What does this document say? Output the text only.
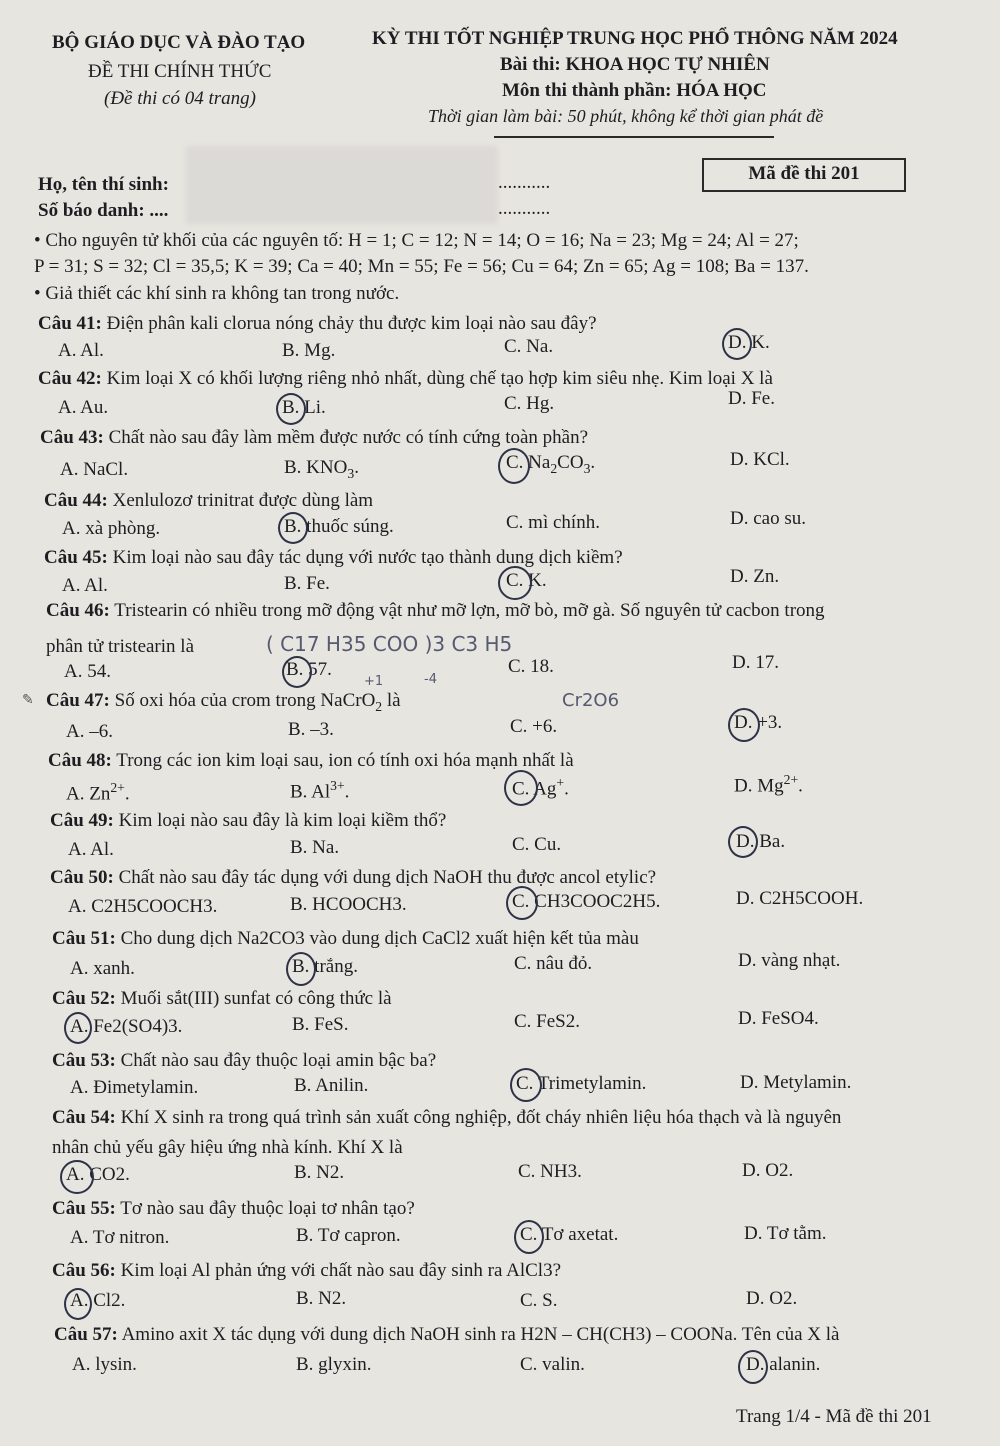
BỘ GIÁO DỤC VÀ ĐÀO TẠO
ĐỀ THI CHÍNH THỨC
(Đề thi có 04 trang)
KỲ THI TỐT NGHIỆP TRUNG HỌC PHỔ THÔNG NĂM 2024
Bài thi: KHOA HỌC TỰ NHIÊN
Môn thi thành phần: HÓA HỌC
Thời gian làm bài: 50 phút, không kể thời gian phát đề
Họ, tên thí sinh:
Số báo danh: ....
...........
...........
Mã đề thi 201
• Cho nguyên tử khối của các nguyên tố: H = 1; C = 12; N = 14; O = 16; Na = 23; Mg = 24; Al = 27;
P = 31; S = 32; Cl = 35,5; K = 39; Ca = 40; Mn = 55; Fe = 56; Cu = 64; Zn = 65; Ag = 108; Ba = 137.
• Giả thiết các khí sinh ra không tan trong nước.
Câu 41: Điện phân kali clorua nóng chảy thu được kim loại nào sau đây?
A. Al.	B. Mg.	C. Na.	D. K.
Câu 42: Kim loại X có khối lượng riêng nhỏ nhất, dùng chế tạo hợp kim siêu nhẹ. Kim loại X là
A. Au.	B. Li.	C. Hg.	D. Fe.
Câu 43: Chất nào sau đây làm mềm được nước có tính cứng toàn phần?
A. NaCl.	B. $KNO_3$.	C. $Na_2CO_3$.	D. KCl.
Câu 44: Xenlulozơ trinitrat được dùng làm
A. xà phòng.	B. thuốc súng.	C. mì chính.	D. cao su.
Câu 45: Kim loại nào sau đây tác dụng với nước tạo thành dung dịch kiềm?
A. Al.	B. Fe.	C. K.	D. Zn.
Câu 46: Tristearin có nhiều trong mỡ động vật như mỡ lợn, mỡ bò, mỡ gà. Số nguyên tử cacbon trong
phân tử tristearin là	( C17 H35 COO )3 C3 H5
A. 54.	B. 57.	C. 18.	D. 17.
✎ Câu 47: Số oxi hóa của crom trong NaCrO$_2$ là
+1	-4
Cr2O6
A. –6.	B. –3.	C. +6.	D. +3.
Câu 48: Trong các ion kim loại sau, ion có tính oxi hóa mạnh nhất là
A. $Zn^{2+}$.	B. $Al^{3+}$.	C. Ag+.	D. $Mg^{2+}$.
Câu 49: Kim loại nào sau đây là kim loại kiềm thổ?
A. Al.	B. Na.	C. Cu.	D. Ba.
Câu 50: Chất nào sau đây tác dụng với dung dịch NaOH thu được ancol etylic?
A. C2H5COOCH3.	B. HCOOCH3.	C. CH3COOC2H5.	D. C2H5COOH.
Câu 51: Cho dung dịch Na2CO3 vào dung dịch CaCl2 xuất hiện kết tủa màu
A. xanh.	B. trắng.	C. nâu đỏ.	D. vàng nhạt.
Câu 52: Muối sắt(III) sunfat có công thức là
A. Fe2(SO4)3.	B. FeS.	C. FeS2.	D. FeSO4.
Câu 53: Chất nào sau đây thuộc loại amin bậc ba?
A. Đimetylamin.	B. Anilin.	C. Trimetylamin.	D. Metylamin.
Câu 54: Khí X sinh ra trong quá trình sản xuất công nghiệp, đốt cháy nhiên liệu hóa thạch và là nguyên
nhân chủ yếu gây hiệu ứng nhà kính. Khí X là
A. CO2.	B. N2.	C. NH3.	D. O2.
Câu 55: Tơ nào sau đây thuộc loại tơ nhân tạo?
A. Tơ nitron.	B. Tơ capron.	C. Tơ axetat.	D. Tơ tằm.
Câu 56: Kim loại Al phản ứng với chất nào sau đây sinh ra AlCl3?
A. Cl2.	B. N2.	C. S.	D. O2.
Câu 57: Amino axit X tác dụng với dung dịch NaOH sinh ra H2N – CH(CH3) – COONa. Tên của X là
A. lysin.	B. glyxin.	C. valin.	D. alanin.
Trang 1/4 - Mã đề thi 201
